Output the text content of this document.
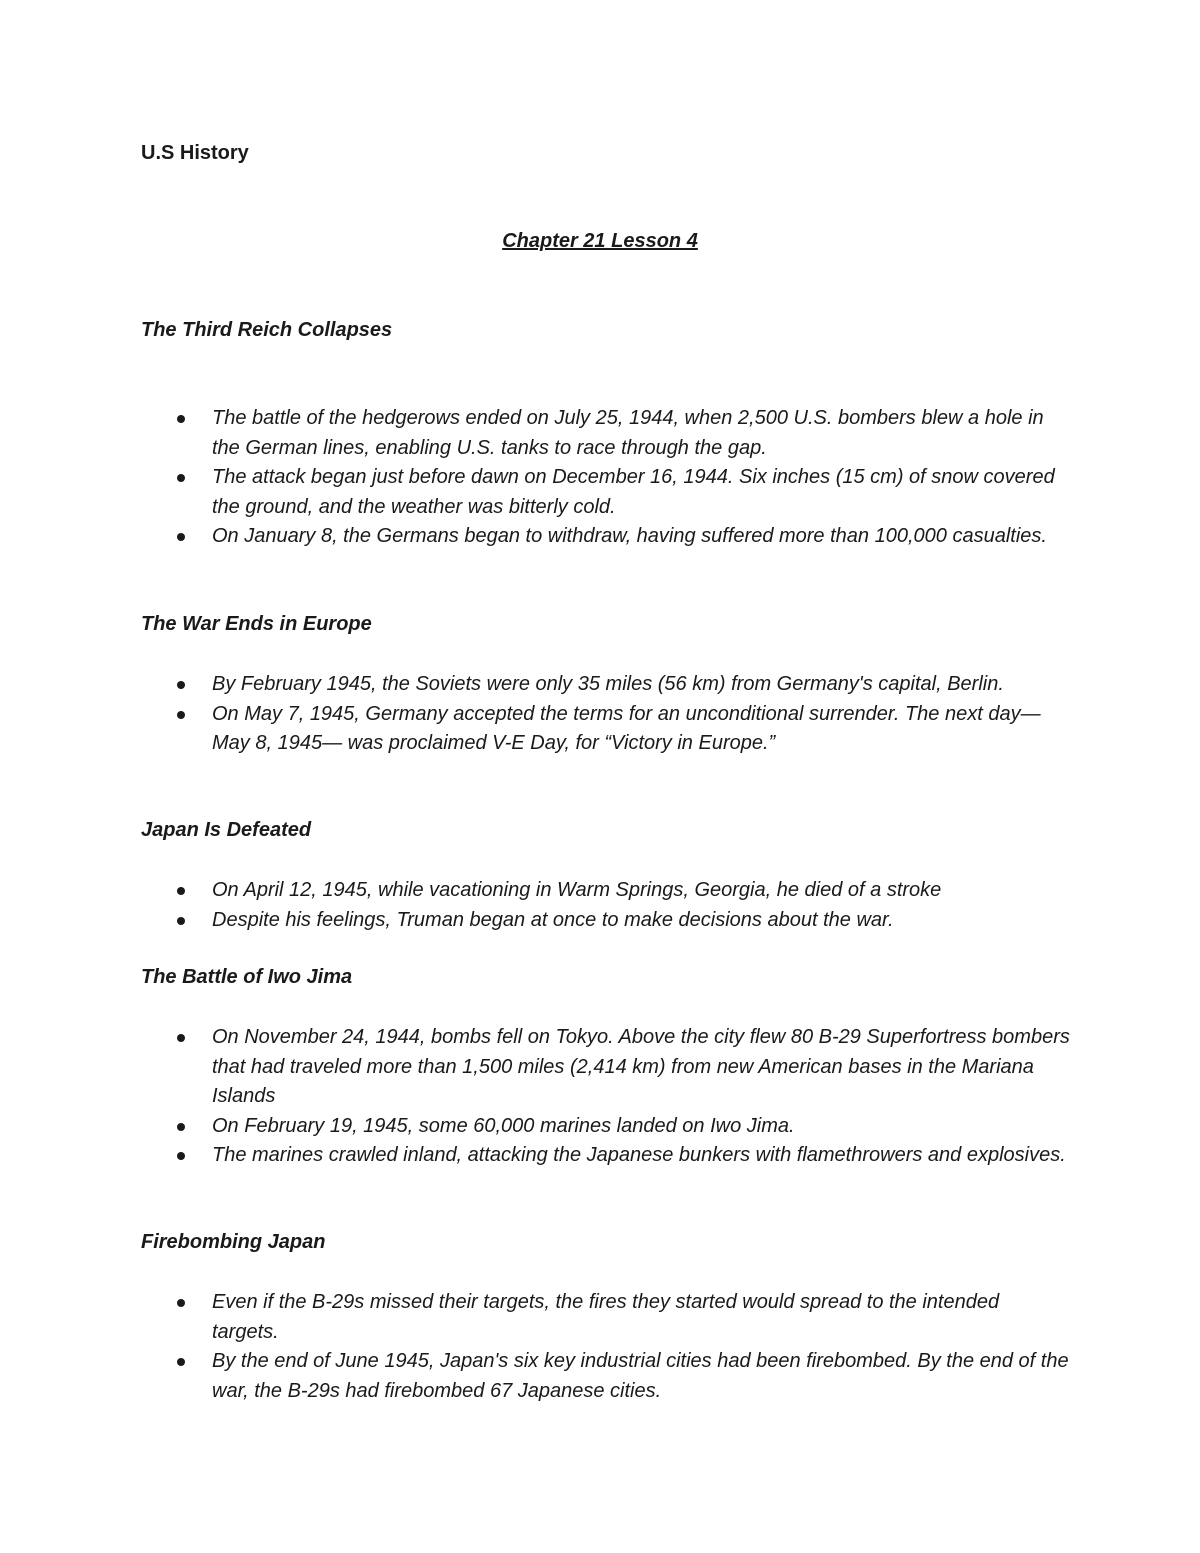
U.S History
Chapter 21 Lesson 4
The Third Reich Collapses
The battle of the hedgerows ended on July 25, 1944, when 2,500 U.S. bombers blew a hole in the German lines, enabling U.S. tanks to race through the gap.
The attack began just before dawn on December 16, 1944. Six inches (15 cm) of snow covered the ground, and the weather was bitterly cold.
On January 8, the Germans began to withdraw, having suffered more than 100,000 casualties.
The War Ends in Europe
By February 1945, the Soviets were only 35 miles (56 km) from Germany's capital, Berlin.
On May 7, 1945, Germany accepted the terms for an unconditional surrender. The next day—May 8, 1945— was proclaimed V-E Day, for “Victory in Europe.”
Japan Is Defeated
On April 12, 1945, while vacationing in Warm Springs, Georgia, he died of a stroke
Despite his feelings, Truman began at once to make decisions about the war.
The Battle of Iwo Jima
On November 24, 1944, bombs fell on Tokyo. Above the city flew 80 B-29 Superfortress bombers that had traveled more than 1,500 miles (2,414 km) from new American bases in the Mariana Islands
On February 19, 1945, some 60,000 marines landed on Iwo Jima.
The marines crawled inland, attacking the Japanese bunkers with flamethrowers and explosives.
Firebombing Japan
Even if the B-29s missed their targets, the fires they started would spread to the intended targets.
By the end of June 1945, Japan's six key industrial cities had been firebombed. By the end of the war, the B-29s had firebombed 67 Japanese cities.
